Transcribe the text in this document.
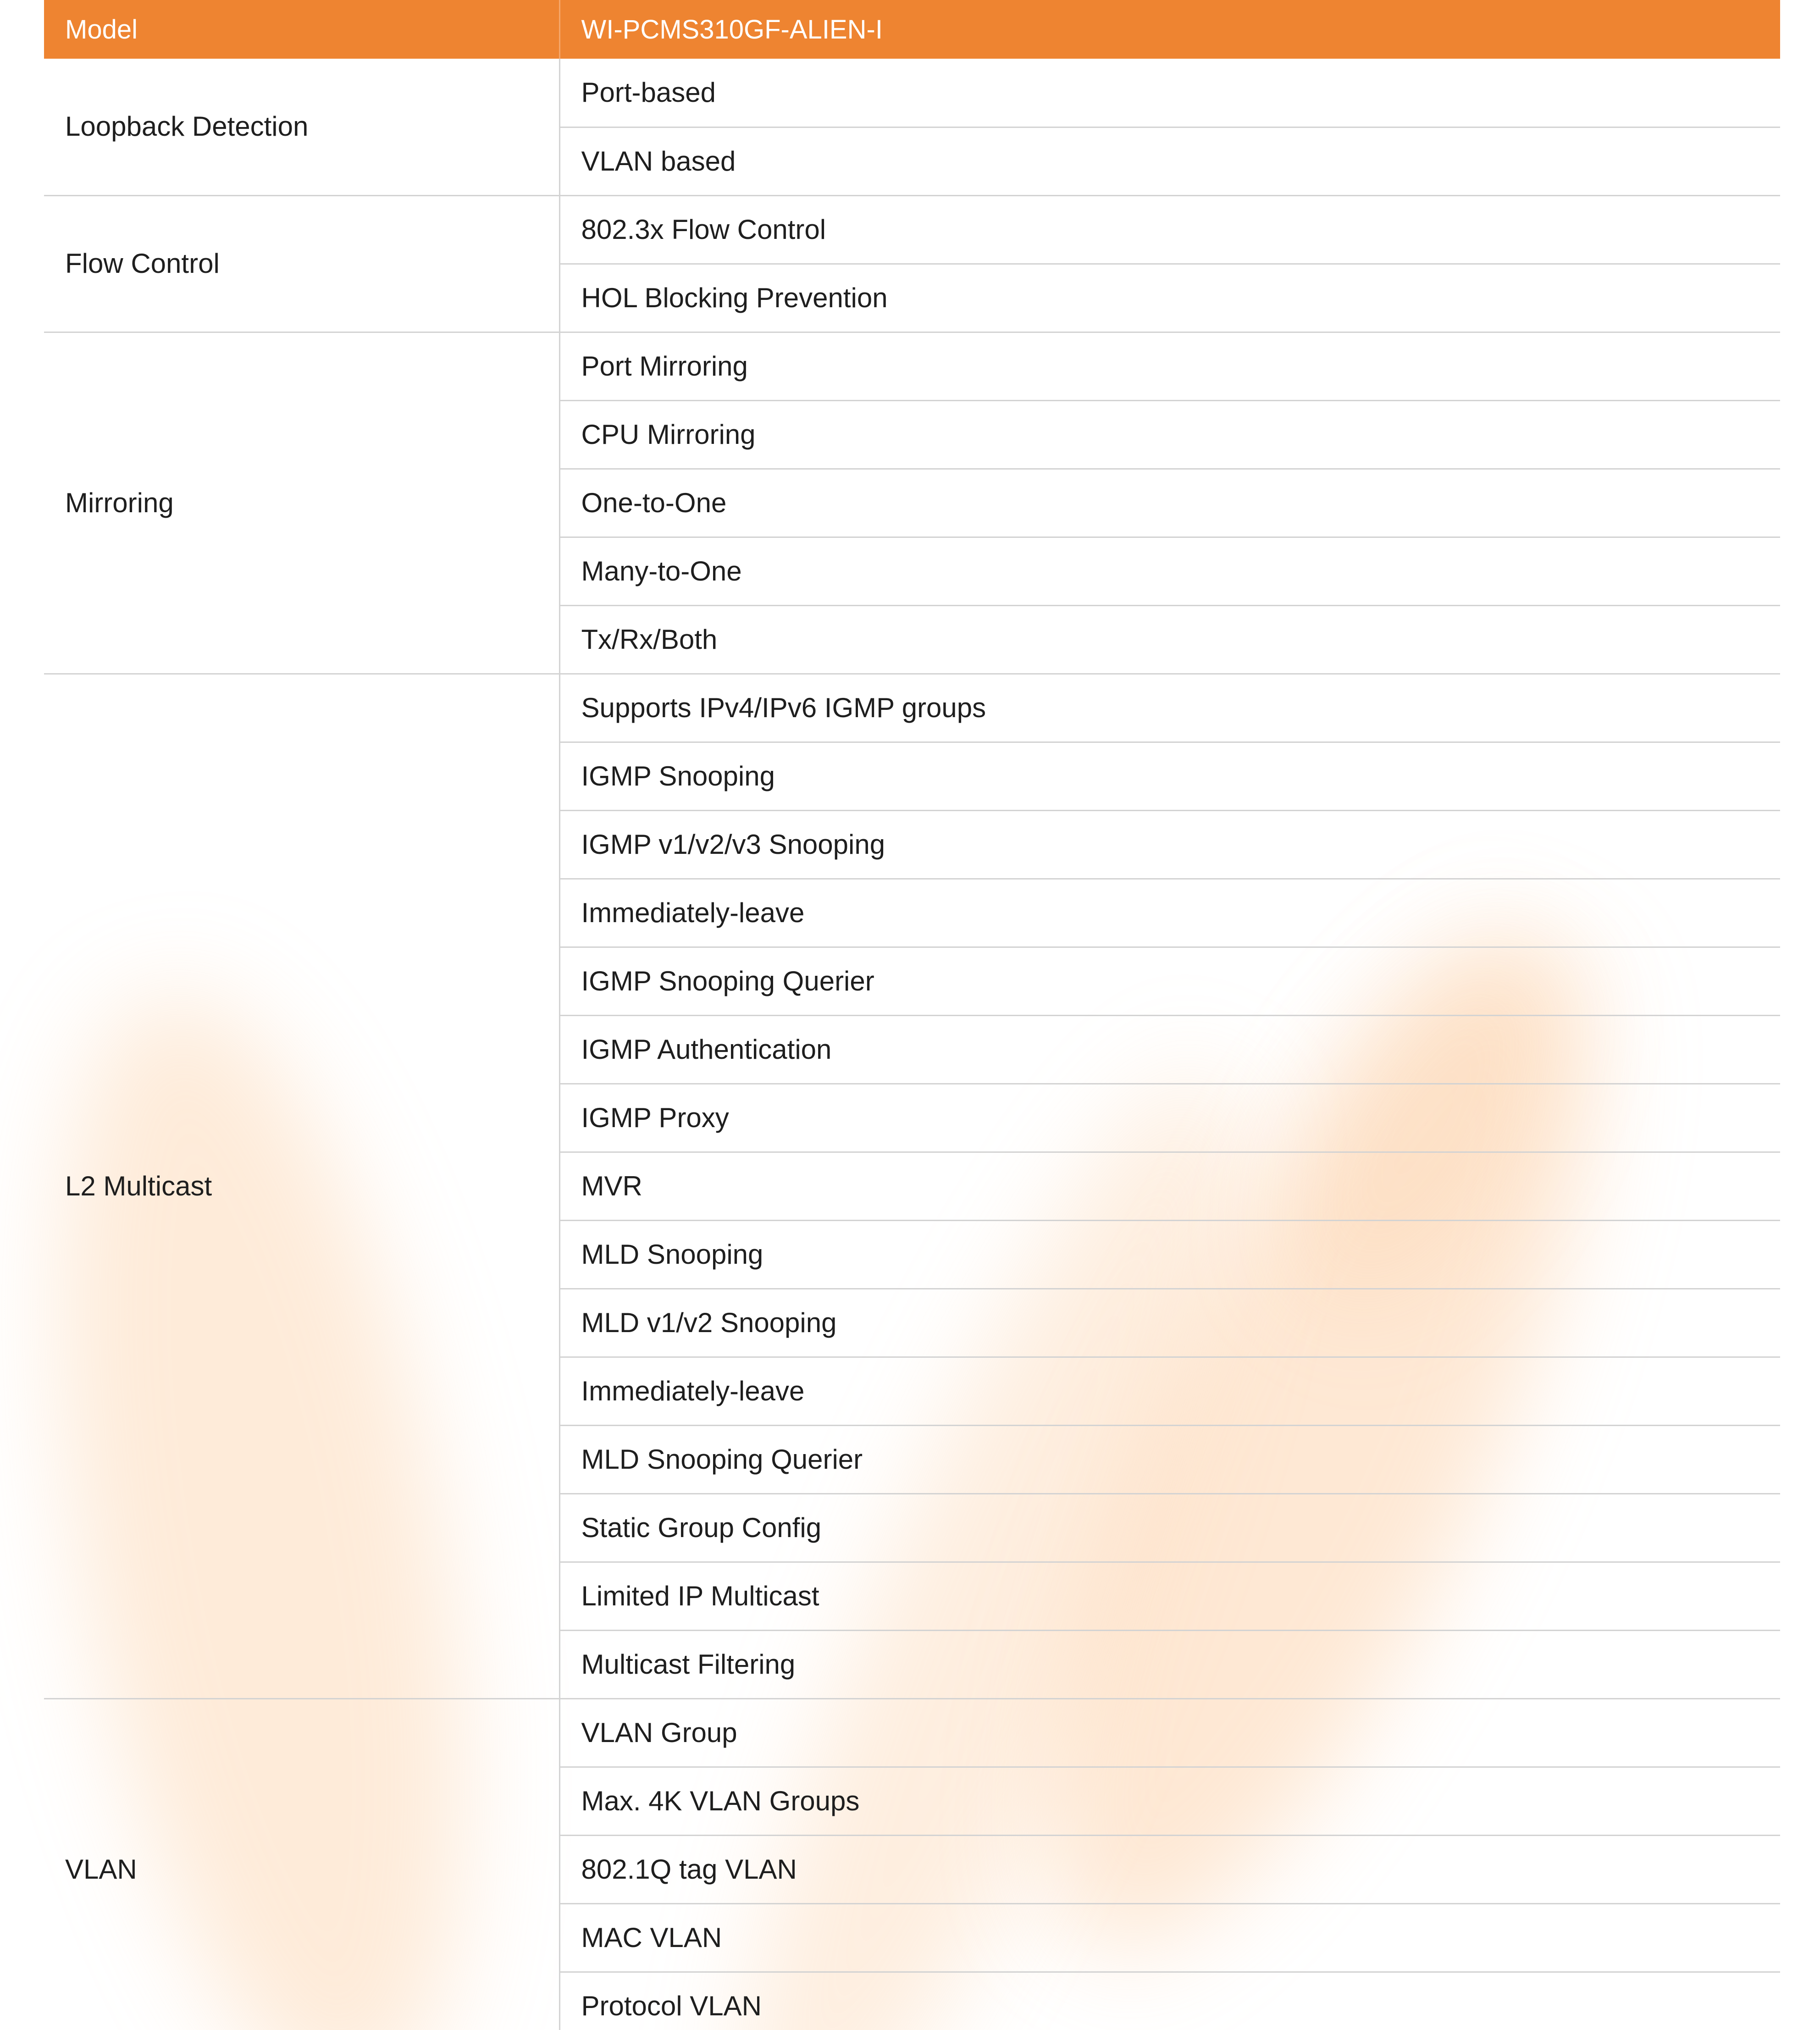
Model	WI-PCMS310GF-ALIEN-I
Loopback Detection	Port-based
	VLAN based
Flow Control	802.3x Flow Control
	HOL Blocking Prevention
Mirroring	Port Mirroring
	CPU Mirroring
	One-to-One
	Many-to-One
	Tx/Rx/Both
L2 Multicast	Supports IPv4/IPv6 IGMP groups
	IGMP Snooping
	IGMP v1/v2/v3 Snooping
	Immediately-leave
	IGMP Snooping Querier
	IGMP Authentication
	IGMP Proxy
	MVR
	MLD Snooping
	MLD v1/v2 Snooping
	Immediately-leave
	MLD Snooping Querier
	Static Group Config
	Limited IP Multicast
	Multicast Filtering
VLAN	VLAN Group
	Max. 4K VLAN Groups
	802.1Q tag VLAN
	MAC VLAN
	Protocol VLAN
